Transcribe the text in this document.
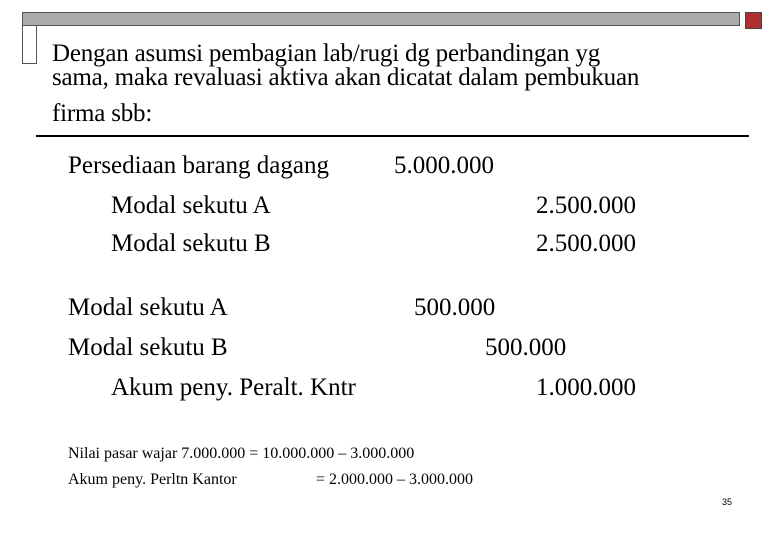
Dengan asumsi pembagian lab/rugi dg perbandingan yg
sama, maka revaluasi aktiva akan dicatat dalam pembukuan
firma sbb:
Persediaan barang dagang	5.000.000
Modal sekutu A	2.500.000
Modal sekutu B	2.500.000
Modal sekutu A	500.000
Modal sekutu B	500.000
Akum peny. Peralt. Kntr	1.000.000
Nilai pasar wajar 7.000.000 = 10.000.000 – 3.000.000
Akum peny. Perltn Kantor	= 2.000.000 – 3.000.000
35
